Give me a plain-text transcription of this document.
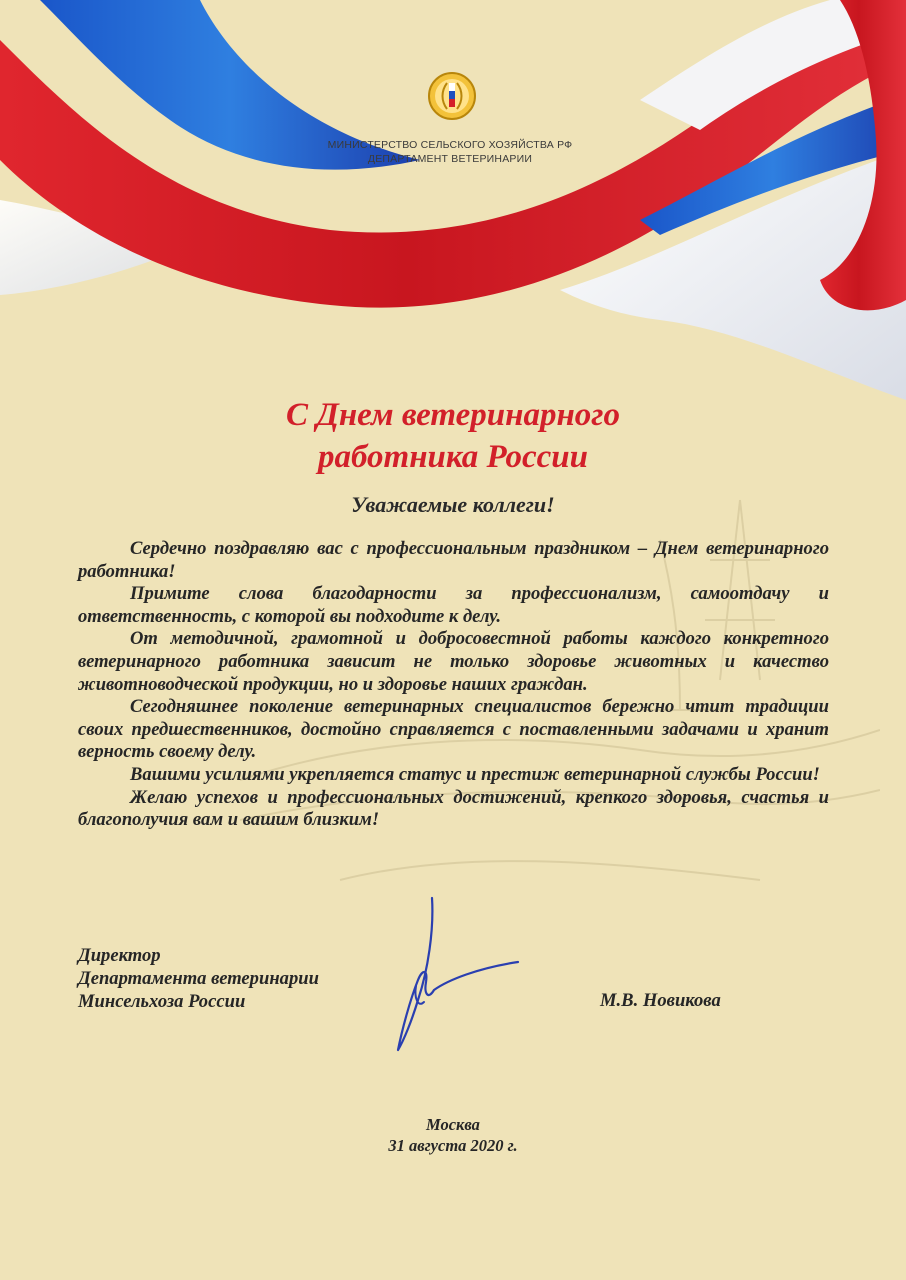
МИНИСТЕРСТВО СЕЛЬСКОГО ХОЗЯЙСТВА РФ
ДЕПАРТАМЕНТ ВЕТЕРИНАРИИ
С Днем ветеринарного
работника России
Уважаемые коллеги!

Сердечно поздравляю вас с профессиональным праздником – Днем ветеринарного работника!

Примите слова благодарности за профессионализм, самоотдачу и ответственность, с которой вы подходите к делу.

От методичной, грамотной и добросовестной работы каждого конкретного ветеринарного работника зависит не только здоровье животных и качество животноводческой продукции, но и здоровье наших граждан.

Сегодняшнее поколение ветеринарных специалистов бережно чтит традиции своих предшественников, достойно справляется с поставленными задачами и хранит верность своему делу.

Вашими усилиями укрепляется статус и престиж ветеринарной службы России!

Желаю успехов и профессиональных достижений, крепкого здоровья, счастья и благополучия вам и вашим близким!

Директор
Департамента ветеринарии
Минсельхоза России	М.В. Новикова
Москва
31 августа 2020 г.
